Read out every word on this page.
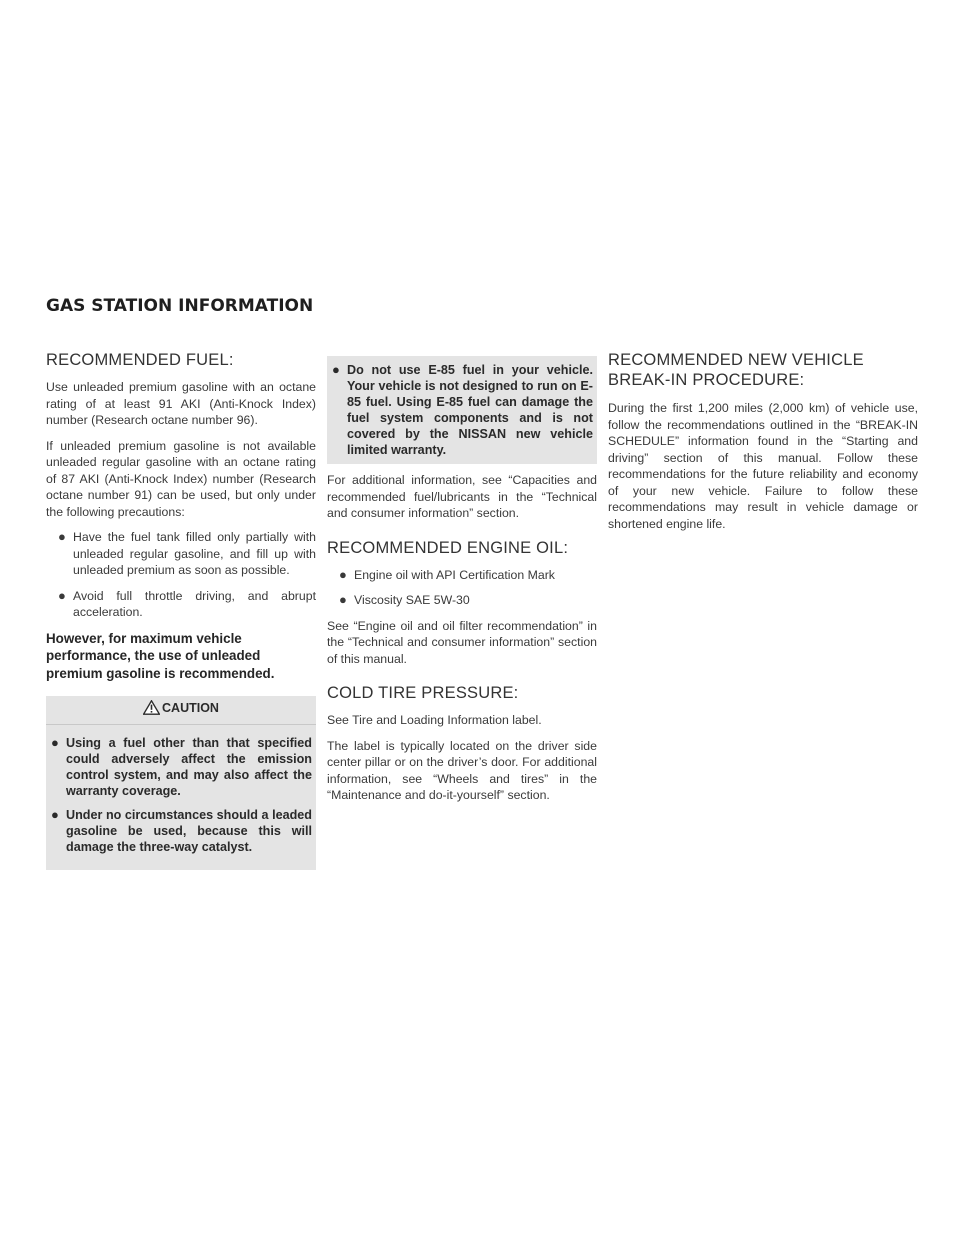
GAS STATION INFORMATION
RECOMMENDED FUEL:

Use unleaded premium gasoline with an octane rating of at least 91 AKI (Anti-Knock Index) number (Research octane number 96).

If unleaded premium gasoline is not available unleaded regular gasoline with an octane rating of 87 AKI (Anti-Knock Index) number (Research octane number 91) can be used, but only under the following precautions:

● Have the fuel tank filled only partially with unleaded regular gasoline, and fill up with unleaded premium as soon as possible.
● Avoid full throttle driving, and abrupt acceleration.

However, for maximum vehicle performance, the use of unleaded premium gasoline is recommended.

CAUTION
● Using a fuel other than that specified could adversely affect the emission control system, and may also affect the warranty coverage.
● Under no circumstances should a leaded gasoline be used, because this will damage the three-way catalyst.
● Do not use E-85 fuel in your vehicle. Your vehicle is not designed to run on E-85 fuel. Using E-85 fuel can damage the fuel system components and is not covered by the NISSAN new vehicle limited warranty.

For additional information, see “Capacities and recommended fuel/lubricants in the “Technical and consumer information” section.

RECOMMENDED ENGINE OIL:
● Engine oil with API Certification Mark
● Viscosity SAE 5W-30

See “Engine oil and oil filter recommendation” in the “Technical and consumer information” section of this manual.

COLD TIRE PRESSURE:

See Tire and Loading Information label.

The label is typically located on the driver side center pillar or on the driver’s door. For additional information, see “Wheels and tires” in the “Maintenance and do-it-yourself” section.

RECOMMENDED NEW VEHICLE
BREAK-IN PROCEDURE:

During the first 1,200 miles (2,000 km) of vehicle use, follow the recommendations outlined in the “BREAK-IN SCHEDULE” information found in the “Starting and driving” section of this manual. Follow these recommendations for the future reliability and economy of your new vehicle. Failure to follow these recommendations may result in vehicle damage or shortened engine life.
